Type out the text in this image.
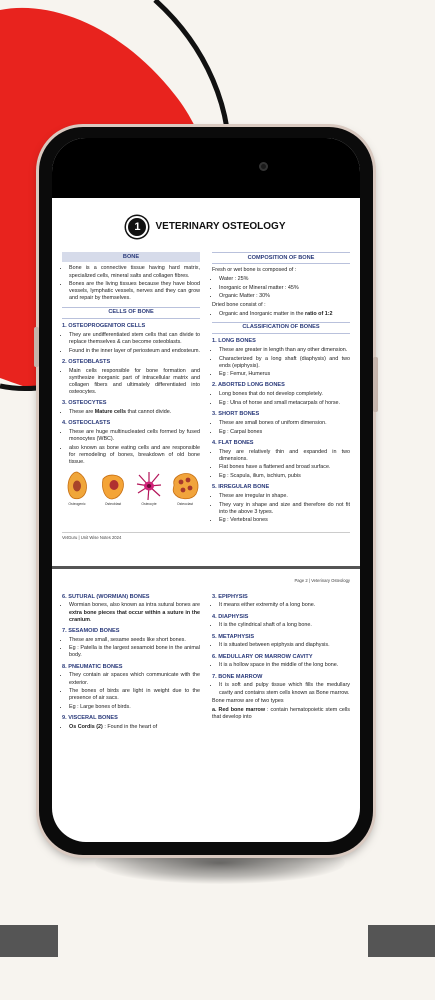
1	VETERINARY OSTEOLOGY
BONE
• Bone is a connective tissue having hard matrix, specialized cells, mineral salts and collagen fibres.
• Bones are the living tissues because they have blood vessels, lymphatic vessels, nerves and they can grow and repair by themselves.
CELLS OF BONE
1. OSTEOPROGENITOR CELLS
• They are undifferentiated stem cells that can divide to replace themselves & can become osteoblasts.
• Found in the inner layer of periosteum and endosteum.
2. OSTEOBLASTS
• Main cells responsible for bone formation and synthesize inorganic part of intracellular matrix and collagen fibers and ultimately differentiated into osteocytes.
3. OSTEOCYTES
• These are Mature cells that cannot divide.
4. OSTEOCLASTS
• These are huge multinucleated cells formed by fused monocytes (WBC).
• also known as bone eating cells and are responsible for remodeling of bones, breakdown of old bone tissue.
Osteogenic	Osteoblast	Osteocyte	Osteoclast
COMPOSITION OF BONE
Fresh or wet bone is composed of :
• Water : 25%
• Inorganic or Mineral matter : 45%
• Organic Matter : 30%
Dried bone consist of :
• Organic and Inorganic matter in the ratio of 1:2
CLASSIFICATION OF BONES
1. LONG BONES
• These are greater in length than any other dimension.
• Characterized by a long shaft (diaphysis) and two ends (epiphysis).
• Eg : Femur, Humerus
2. ABORTED LONG BONES
• Long bones that do not develop completely.
• Eg : Ulna of horse and small metacarpals of horse.
3. SHORT BONES
• These are small bones of uniform dimension.
• Eg : Carpal bones
4. FLAT BONES
• They are relatively thin and expanded in two dimensions.
• Flat bones have a flattened and broad surface.
• Eg : Scapula, ilium, ischium, pubis
5. IRREGULAR BONE
• These are irregular in shape.
• They vary in shape and size and therefore do not fit into the above 3 types.
• Eg : Vertebral bones
VetGuru | Unit Wise Notes 2024
Page 2 | Veterinary Osteology
6. SUTURAL (WORMIAN) BONES
• Wormian bones, also known as intra sutural bones are extra bone pieces that occur within a suture in the cranium.
7. SESAMOID BONES
• These are small, sesame seeds like short bones.
• Eg : Patella is the largest sesamoid bone in the animal body.
8. PNEUMATIC BONES
• They contain air spaces which communicate with the exterior.
• The bones of birds are light in weight due to the presence of air sacs.
• Eg : Large bones of birds.
9. VISCERAL BONES
• Os Cordis (2) : Found in the heart of
3. EPIPHYSIS
• It means either extremity of a long bone.
4. DIAPHYSIS
• It is the cylindrical shaft of a long bone.
5. METAPHYSIS
• It is situated between epiphysis and diaphysis.
6. MEDULLARY OR MARROW CAVITY
• It is a hollow space in the middle of the long bone.
7. BONE MARROW
• It is soft and pulpy tissue which fills the medullary cavity and contains stem cells known as Bone marrow.
Bone marrow are of two types
a. Red bone marrow : contain hematopoietic stem cells that develop into
